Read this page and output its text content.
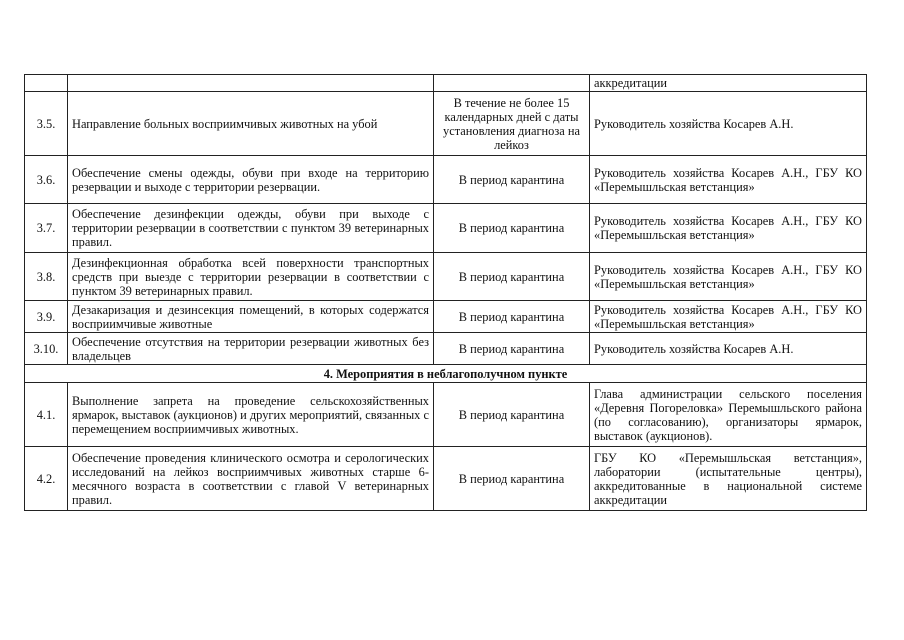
			аккредитации
3.5.	Направление больных восприимчивых животных на убой	В течение не более 15 календарных дней с даты установления диагноза на лейкоз	Руководитель хозяйства Косарев А.Н.
3.6.	Обеспечение смены одежды, обуви при входе на территорию резервации и выходе с территории резервации.	В период карантина	Руководитель хозяйства Косарев А.Н., ГБУ КО «Перемышльская ветстанция»
3.7.	Обеспечение дезинфекции одежды, обуви при выходе с территории резервации в соответствии с пунктом 39 ветеринарных правил.	В период карантина	Руководитель хозяйства Косарев А.Н., ГБУ КО «Перемышльская ветстанция»
3.8.	Дезинфекционная обработка всей поверхности транспортных средств при выезде с территории резервации в соответствии с пунктом 39 ветеринарных правил.	В период карантина	Руководитель хозяйства Косарев А.Н., ГБУ КО «Перемышльская ветстанция»
3.9.	Дезакаризация и дезинсекция помещений, в которых содержатся восприимчивые животные	В период карантина	Руководитель хозяйства Косарев А.Н., ГБУ КО «Перемышльская ветстанция»
3.10.	Обеспечение отсутствия на территории резервации животных без владельцев	В период карантина	Руководитель хозяйства Косарев А.Н.
4. Мероприятия в неблагополучном пункте			
4.1.	Выполнение запрета на проведение сельскохозяйственных ярмарок, выставок (аукционов) и других мероприятий, связанных с перемещением восприимчивых животных.	В период карантина	Глава администрации сельского поселения «Деревня Погореловка» Перемышльского района (по согласованию), организаторы ярмарок, выставок (аукционов).
4.2.	Обеспечение проведения клинического осмотра и серологических исследований на лейкоз восприимчивых животных старше 6-месячного возраста в соответствии с главой V ветеринарных правил.	В период карантина	ГБУ КО «Перемышльская ветстанция», лаборатории (испытательные центры), аккредитованные в национальной системе аккредитации
